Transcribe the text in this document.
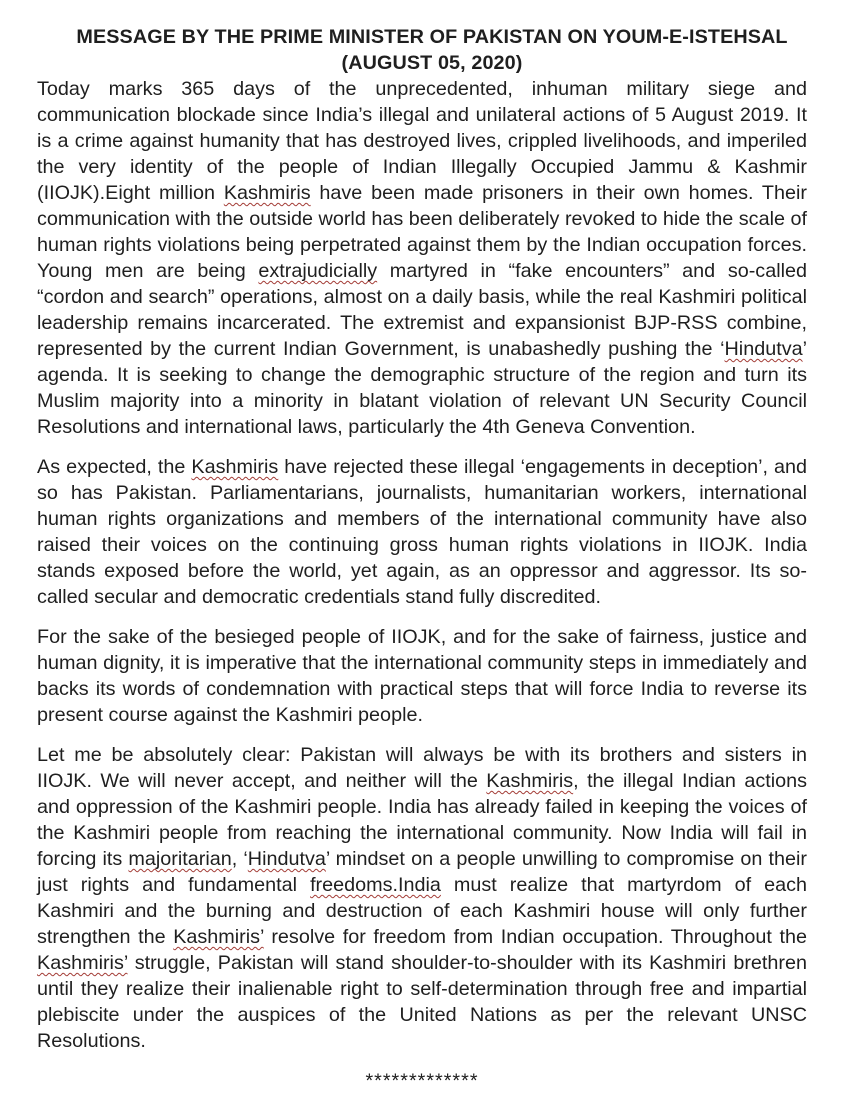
MESSAGE BY THE PRIME MINISTER OF PAKISTAN ON YOUM-E-ISTEHSAL
(AUGUST 05, 2020)

Today marks 365 days of the unprecedented, inhuman military siege and communication blockade since India’s illegal and unilateral actions of 5 August 2019. It is a crime against humanity that has destroyed lives, crippled livelihoods, and imperiled the very identity of the people of Indian Illegally Occupied Jammu & Kashmir (IIOJK).Eight million Kashmiris have been made prisoners in their own homes. Their communication with the outside world has been deliberately revoked to hide the scale of human rights violations being perpetrated against them by the Indian occupation forces. Young men are being extrajudicially martyred in “fake encounters” and so-called “cordon and search” operations, almost on a daily basis, while the real Kashmiri political leadership remains incarcerated. The extremist and expansionist BJP-RSS combine, represented by the current Indian Government, is unabashedly pushing the ‘Hindutva’ agenda. It is seeking to change the demographic structure of the region and turn its Muslim majority into a minority in blatant violation of relevant UN Security Council Resolutions and international laws, particularly the 4th Geneva Convention.

As expected, the Kashmiris have rejected these illegal ‘engagements in deception’, and so has Pakistan. Parliamentarians, journalists, humanitarian workers, international human rights organizations and members of the international community have also raised their voices on the continuing gross human rights violations in IIOJK. India stands exposed before the world, yet again, as an oppressor and aggressor. Its so-called secular and democratic credentials stand fully discredited.

For the sake of the besieged people of IIOJK, and for the sake of fairness, justice and human dignity, it is imperative that the international community steps in immediately and backs its words of condemnation with practical steps that will force India to reverse its present course against the Kashmiri people.

Let me be absolutely clear: Pakistan will always be with its brothers and sisters in IIOJK. We will never accept, and neither will the Kashmiris, the illegal Indian actions and oppression of the Kashmiri people. India has already failed in keeping the voices of the Kashmiri people from reaching the international community. Now India will fail in forcing its majoritarian, ‘Hindutva’ mindset on a people unwilling to compromise on their just rights and fundamental freedoms.India must realize that martyrdom of each Kashmiri and the burning and destruction of each Kashmiri house will only further strengthen the Kashmiris’ resolve for freedom from Indian occupation. Throughout the Kashmiris’ struggle, Pakistan will stand shoulder-to-shoulder with its Kashmiri brethren until they realize their inalienable right to self-determination through free and impartial plebiscite under the auspices of the United Nations as per the relevant UNSC Resolutions.

*************
